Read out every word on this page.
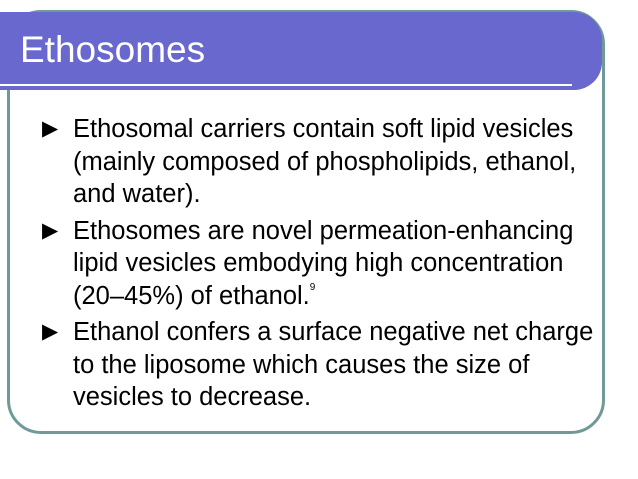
Ethosomes
▶ Ethosomal carriers contain soft lipid vesicles (mainly composed of phospholipids, ethanol, and water).
▶ Ethosomes are novel permeation-enhancing lipid vesicles embodying high concentration (20–45%) of ethanol.$^9$
▶ Ethanol confers a surface negative net charge to the liposome which causes the size of vesicles to decrease.
